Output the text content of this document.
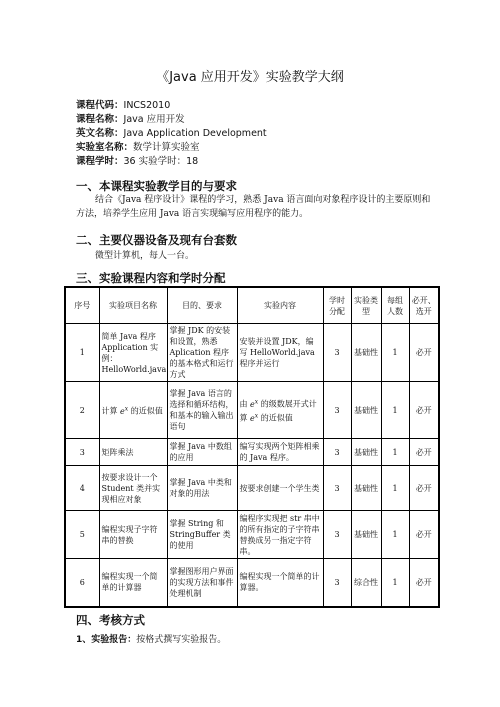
《Java 应用开发》实验教学大纲
课程代码：INCS2010
课程名称：Java 应用开发
英文名称：Java Application Development
实验室名称：数学计算实验室
课程学时：36 实验学时：18
一、本课程实验教学目的与要求
结合《Java 程序设计》课程的学习，熟悉 Java 语言面向对象程序设计的主要原则和方法，培养学生应用 Java 语言实现编写应用程序的能力。
二、主要仪器设备及现有台套数
微型计算机，每人一台。
三、实验课程内容和学时分配
序号	实验项目名称	目的、要求	实验内容	学时分配	实验类型	每组人数	必开、选开
1	简单 Java 程序 Application 实例：HelloWorld.java	掌握 JDK 的安装和设置，熟悉 Aplication 程序的基本格式和运行方式	安装并设置 JDK，编写 HelloWorld.java 程序并运行	3	基础性	1	必开
2	计算 $e^x$ 的近似值	掌握 Java 语言的选择和循环结构，和基本的输入输出语句	由 $e^x$ 的级数展开式计算 $e^x$ 的近似值	3	基础性	1	必开
3	矩阵乘法	掌握 Java 中数组的应用	编写实现两个矩阵相乘的 Java 程序。	3	基础性	1	必开
4	按要求设计一个 Student 类并实现相应对象	掌握 Java 中类和对象的用法	按要求创建一个学生类	3	基础性	1	必开
5	编程实现子字符串的替换	掌握 String 和 StringBuffer 类的使用	编程序实现把 str 串中的所有指定的子字符串替换成另一指定字符串。	3	基础性	1	必开
6	编程实现一个简单的计算器	掌握图形用户界面的实现方法和事件处理机制	编程实现一个简单的计算器。	3	综合性	1	必开
四、考核方式
1、实验报告：按格式撰写实验报告。
